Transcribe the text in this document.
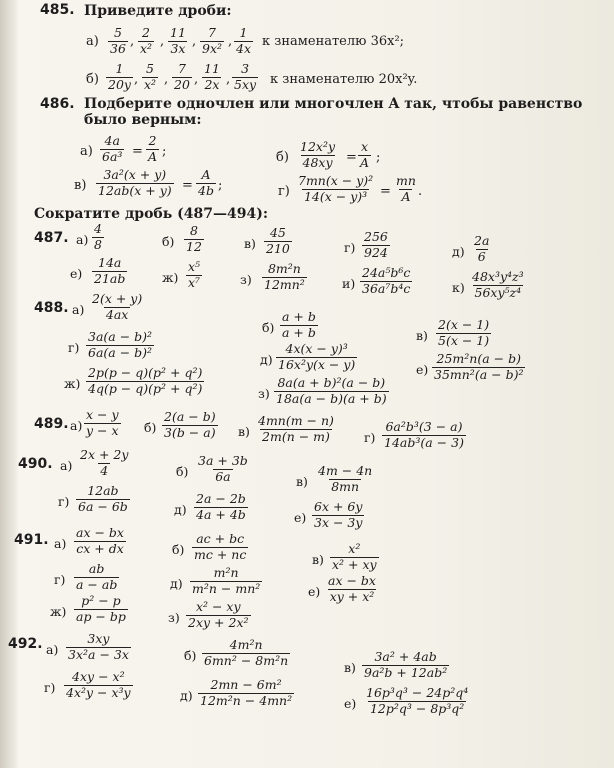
485. Приведите дроби:
$а) \frac{5}{36}$ , $\frac{2}{\text{x²}}$ , $\frac{11}{3x}$ , $\frac{7}{\text{9x²}}$ , $\frac{1}{4x}$ к знаменателю 36x²;
$б) \frac{1}{20y}$ , $\frac{5}{\text{x²}}$ , $\frac{7}{20}$ , $\frac{11}{2x}$ , $\frac{3}{5xy}$ к знаменателю 20x²y.
486. Подберите одночлен или многочлен A так, чтобы равенство
было верным:
$а) \frac{4a}{\text{6a³}} = \frac{2}{A}$ ;	$б) \frac{\text{12x²y}}{48xy} = \frac{x}{A}$ ;
$в) \frac{\text{3a²(x + y)}}{12ab(x + y)} = \frac{A}{4b}$ ;	$г) \frac{\text{7mn(x − y)²}}{\text{14(x − y)³}} = \frac{mn}{A}$ .
Сократите дробь (487—494):
487. $а) \frac{4}{8}$	$б) \frac{8}{12}$	$в) \frac{45}{210}$	$г) \frac{256}{924}$	$д) \frac{2a}{6}$
$е) \frac{14a}{21ab}$	$ж) \frac{\text{x⁵}}{\text{x⁷}}$	$з) \frac{\text{8m²n}}{\text{12mn²}}$	$и) \frac{\text{24a⁵b⁶c}}{\text{36a⁷b⁴c}}$	$к) \frac{\text{48x³y⁴z³}}{\text{56xy⁵z⁴}}$
488. $а) \frac{2(x + y)}{4ax}$
$б) \frac{a + b}{a + b}$	$в) \frac{2(x - 1)}{5(x - 1)}$
$г) \frac{\text{3a(a − b)²}}{\text{6a(a − b)²}}$	$д) \frac{\text{4x(x − y)³}}{\text{16x²y(x − y)}}$	$е) \frac{\text{25m²n(a − b)}}{\text{35mn²(a − b)²}}$
$ж) \frac{\text{2p(p − q)(p² + q²)}}{\text{4q(p − q)(p² + q²)}}$	$з) \frac{\text{8a(a + b)²(a − b)}}{18a(a - b)(a + b)}$
489. $а) \frac{x - y}{y - x} б) \frac{2(a - b)}{3(b - a)} в) \frac{4mn(m - n)}{2m(n - m)} г) \frac{\text{6a²b³(3 − a)}}{\text{14ab³(a − 3)}}$
490. $а) \frac{2x + 2y}{4}$	$б) \frac{3a + 3b}{6a}$	$в) \frac{4m - 4n}{8mn}$
$г) \frac{12ab}{6a - 6b}$	$д) \frac{2a - 2b}{4a + 4b}$	$е) \frac{6x + 6y}{3x - 3y}$
491. $а) \frac{ax - bx}{cx + dx}$	$б) \frac{ac + bc}{mc + nc}$	$в) \frac{\text{x²}}{\text{x² + xy}}$
$г) \frac{ab}{a - ab}$	$д) \frac{\text{m²n}}{\text{m²n − mn²}}$	$е) \frac{ax - bx}{\text{xy + x²}}$
$ж) \frac{\text{p² − p}}{ap - bp}$	$з) \frac{\text{x² − xy}}{\text{2xy + 2x²}}$
492. $а) \frac{3xy}{\text{3x²a − 3x}}$	$б) \frac{\text{4m²n}}{\text{6mn² − 8m²n}}$	$в) \frac{\text{3a² + 4ab}}{\text{9a²b + 12ab²}}$
$г) \frac{\text{4xy − x²}}{\text{4x²y − x³y}}$	$д) \frac{\text{2mn − 6m²}}{\text{12m²n − 4mn²}}$	$е) \frac{\text{16p³q³ − 24p²q⁴}}{\text{12p²q³ − 8p³q²}}$
